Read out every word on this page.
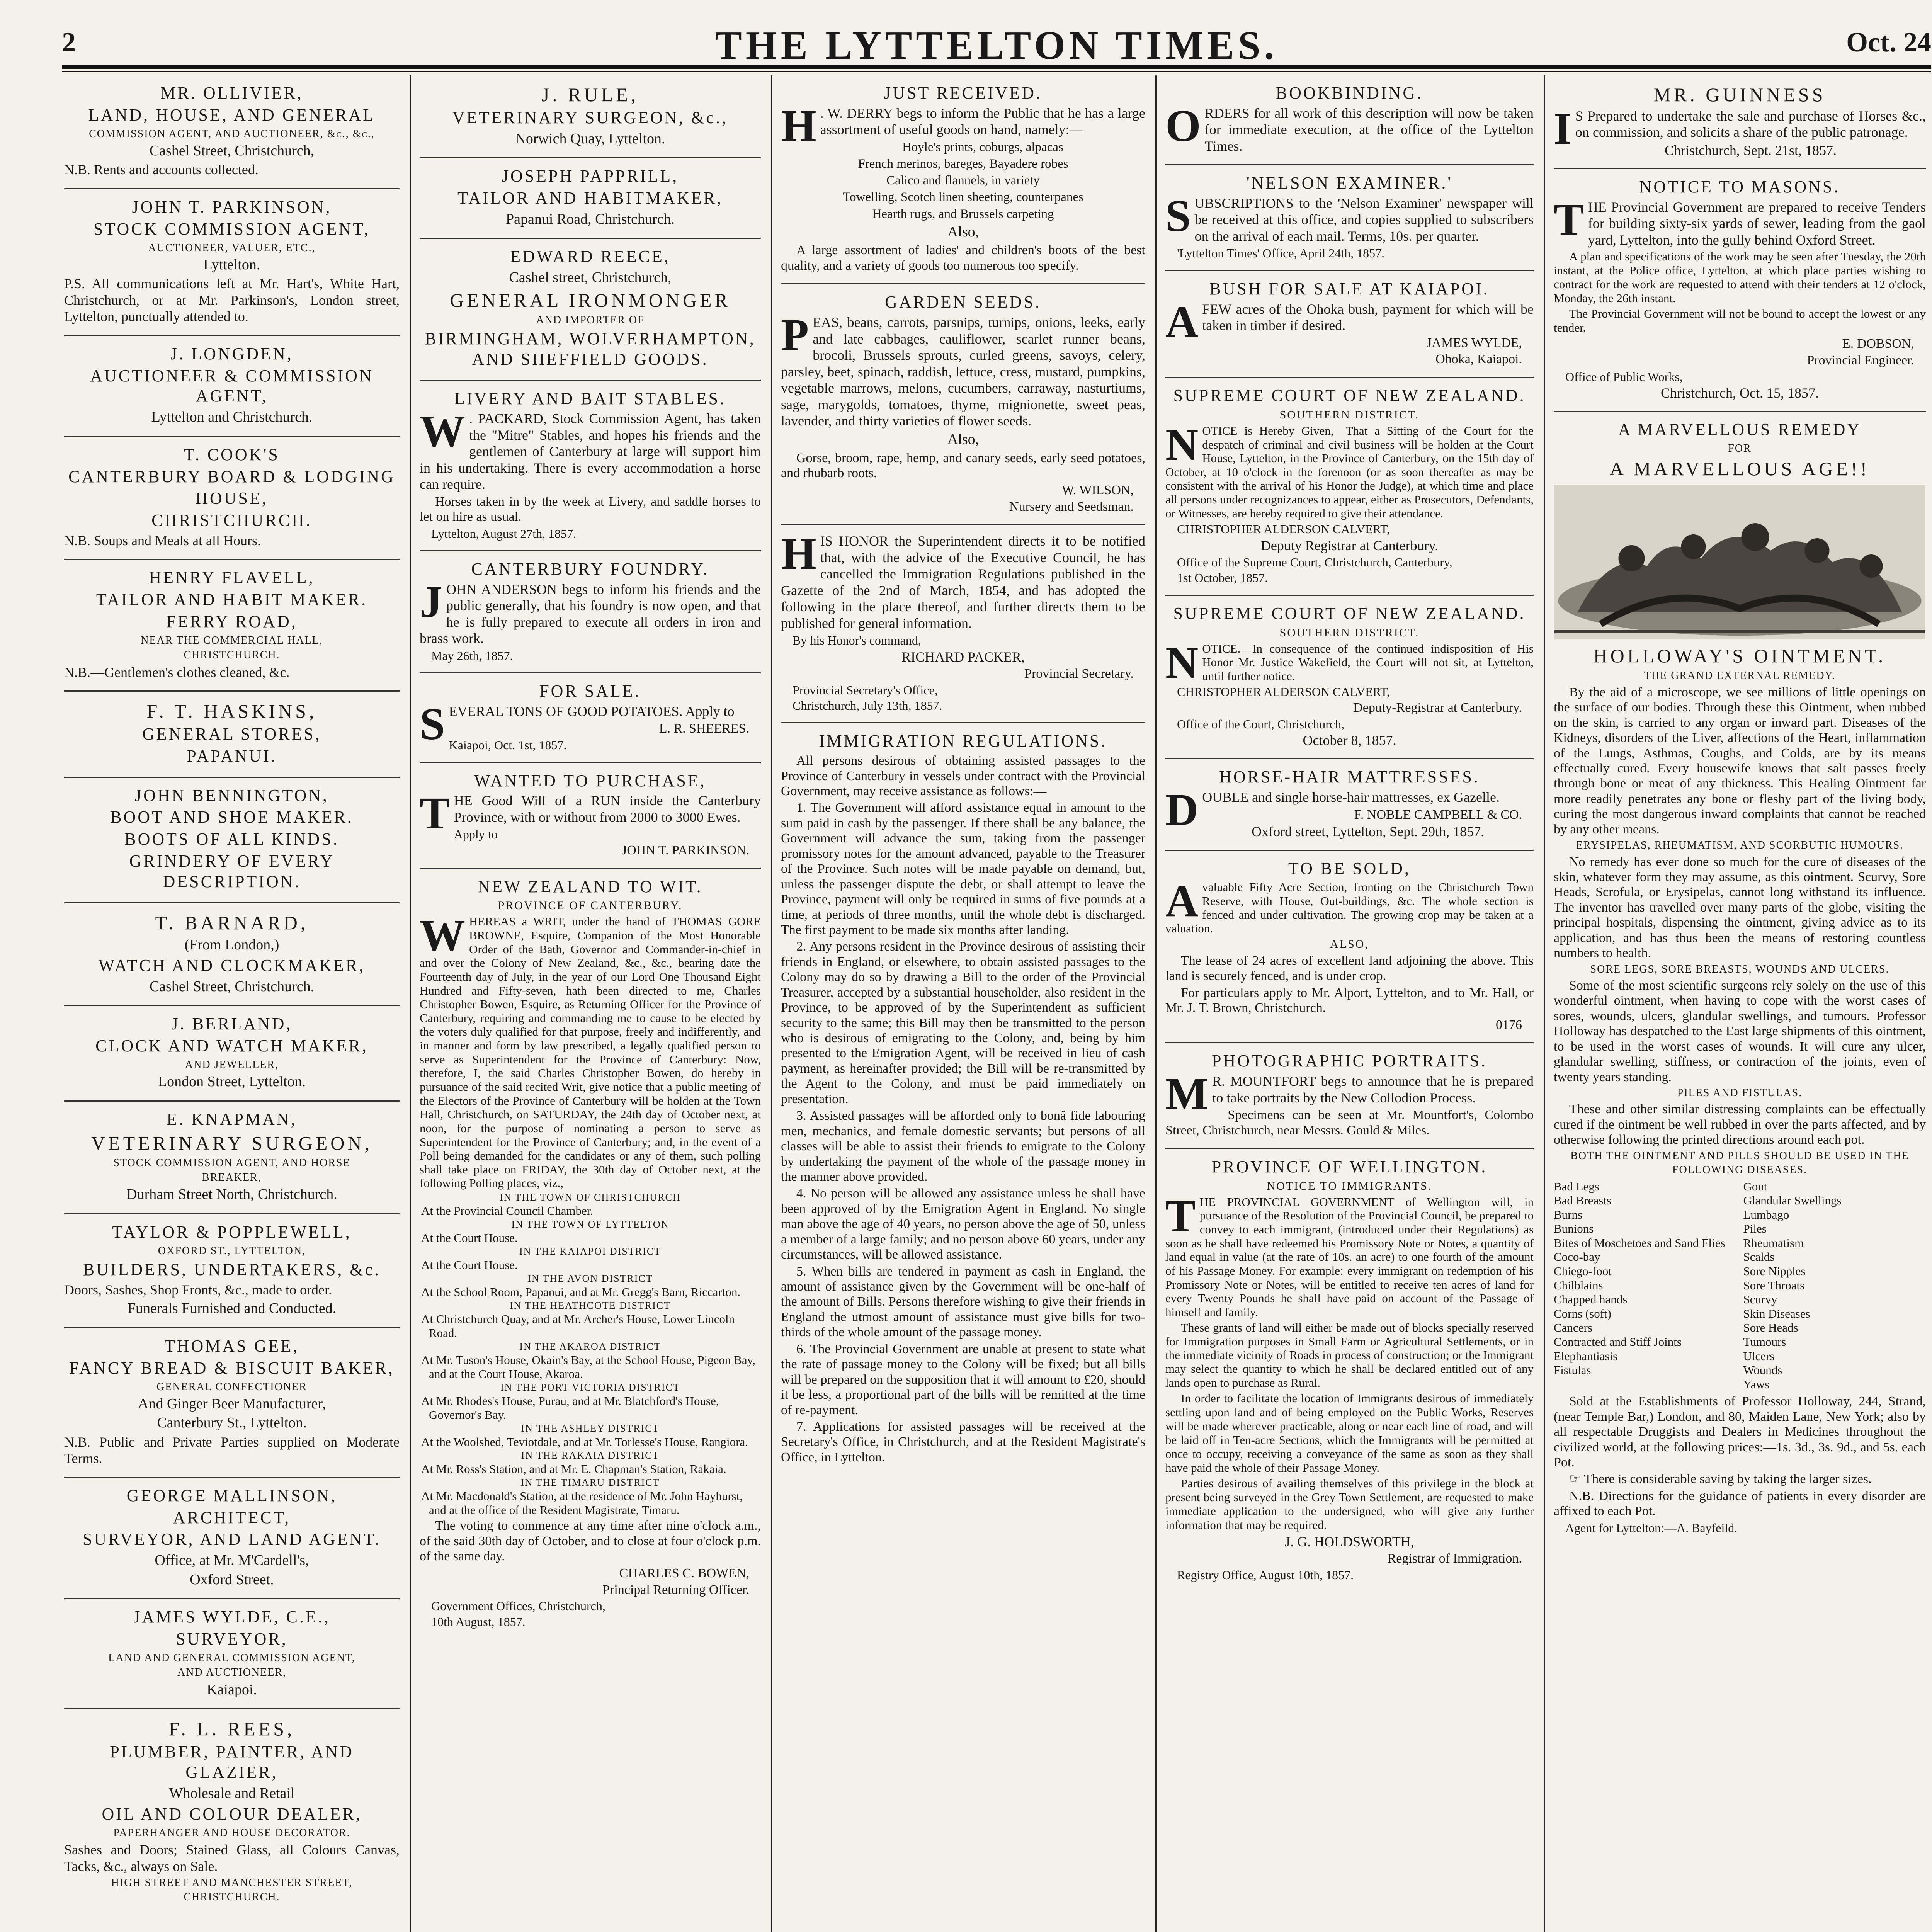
2	THE LYTTELTON TIMES.	Oct. 24
MR. OLLIVIER,
LAND, HOUSE, AND GENERAL
COMMISSION AGENT, AND AUCTIONEER, &c., &c.,
Cashel Street, Christchurch,
N.B. Rents and accounts collected.
JOHN T. PARKINSON,
STOCK COMMISSION AGENT,
AUCTIONEER, VALUER, ETC.,
Lyttelton.
P.S. All communications left at Mr. Hart's, White Hart, Christchurch, or at Mr. Parkinson's, London street, Lyttelton, punctually attended to.
J. LONGDEN,
AUCTIONEER & COMMISSION AGENT,
Lyttelton and Christchurch.
T. COOK'S
CANTERBURY BOARD & LODGING
HOUSE,
CHRISTCHURCH.
N.B. Soups and Meals at all Hours.
HENRY FLAVELL,
TAILOR AND HABIT MAKER.
FERRY ROAD,
NEAR THE COMMERCIAL HALL,
CHRISTCHURCH.
N.B.—Gentlemen's clothes cleaned, &c.
F. T. HASKINS,
GENERAL STORES,
PAPANUI.
JOHN BENNINGTON,
BOOT AND SHOE MAKER.
BOOTS OF ALL KINDS.
GRINDERY OF EVERY DESCRIPTION.
T. BARNARD,
(From London,)
WATCH AND CLOCKMAKER,
Cashel Street, Christchurch.
J. BERLAND,
CLOCK AND WATCH MAKER,
AND JEWELLER,
London Street, Lyttelton.
E. KNAPMAN,
VETERINARY SURGEON,
STOCK COMMISSION AGENT, AND HORSE
BREAKER,
Durham Street North, Christchurch.
TAYLOR & POPPLEWELL,
OXFORD ST., LYTTELTON,
BUILDERS, UNDERTAKERS, &c.
Doors, Sashes, Shop Fronts, &c., made to order.
Funerals Furnished and Conducted.
THOMAS GEE,
FANCY BREAD & BISCUIT BAKER,
GENERAL CONFECTIONER
And Ginger Beer Manufacturer,
Canterbury St., Lyttelton.
N.B. Public and Private Parties supplied on Moderate Terms.
GEORGE MALLINSON,
ARCHITECT,
SURVEYOR, AND LAND AGENT.
Office, at Mr. M'Cardell's,
Oxford Street.
JAMES WYLDE, C.E.,
SURVEYOR,
LAND AND GENERAL COMMISSION AGENT,
AND AUCTIONEER,
Kaiapoi.
F. L. REES,
PLUMBER, PAINTER, AND GLAZIER,
Wholesale and Retail
OIL AND COLOUR DEALER,
PAPERHANGER AND HOUSE DECORATOR.
Sashes and Doors; Stained Glass, all Colours Canvas, Tacks, &c., always on Sale.
HIGH STREET AND MANCHESTER STREET, CHRISTCHURCH.
J. RULE,
VETERINARY SURGEON, &c.,
Norwich Quay, Lyttelton.
JOSEPH PAPPRILL,
TAILOR AND HABITMAKER,
Papanui Road, Christchurch.
EDWARD REECE,
Cashel street, Christchurch,
GENERAL IRONMONGER
AND IMPORTER OF
BIRMINGHAM, WOLVERHAMPTON, AND SHEFFIELD GOODS.
LIVERY AND BAIT STABLES.
W . PACKARD, Stock Commission Agent, has taken the "Mitre" Stables, and hopes his friends and the gentlemen of Canterbury at large will support him in his undertaking. There is every accommodation a horse can require.
Horses taken in by the week at Livery, and saddle horses to let on hire as usual.
Lyttelton, August 27th, 1857.
CANTERBURY FOUNDRY.
JOHN ANDERSON begs to inform his friends and the public generally, that his foundry is now open, and that he is fully prepared to execute all orders in iron and brass work.
May 26th, 1857.
FOR SALE.
SEVERAL TONS OF GOOD POTATOES. Apply to
L. R. SHEERES.
Kaiapoi, Oct. 1st, 1857.
WANTED TO PURCHASE,
THE Good Will of a RUN inside the Canterbury Province, with or without from 2000 to 3000 Ewes.
Apply to
JOHN T. PARKINSON.
NEW ZEALAND TO WIT.
PROVINCE OF CANTERBURY.
WHEREAS a WRIT, under the hand of THOMAS GORE BROWNE, Esquire, Companion of the Most Honorable Order of the Bath, Governor and Commander-in-chief in and over the Colony of New Zealand, &c., &c., bearing date the Fourteenth day of July, in the year of our Lord One Thousand Eight Hundred and Fifty-seven, hath been directed to me, Charles Christopher Bowen, Esquire, as Returning Officer for the Province of Canterbury, requiring and commanding me to cause to be elected by the voters duly qualified for that purpose, freely and indifferently, and in manner and form by law prescribed, a legally qualified person to serve as Superintendent for the Province of Canterbury: Now, therefore, I, the said Charles Christopher Bowen, do hereby in pursuance of the said recited Writ, give notice that a public meeting of the Electors of the Province of Canterbury will be holden at the Town Hall, Christchurch, on SATURDAY, the 24th day of October next, at noon, for the purpose of nominating a person to serve as Superintendent for the Province of Canterbury; and, in the event of a Poll being demanded for the candidates or any of them, such polling shall take place on FRIDAY, the 30th day of October next, at the following Polling places, viz.,
IN THE TOWN OF CHRISTCHURCH
At the Provincial Council Chamber.
IN THE TOWN OF LYTTELTON
At the Court House.
IN THE KAIAPOI DISTRICT
At the Court House.
IN THE AVON DISTRICT
At the School Room, Papanui, and at Mr. Gregg's Barn, Riccarton.
IN THE HEATHCOTE DISTRICT
At Christchurch Quay, and at Mr. Archer's House, Lower Lincoln Road.
IN THE AKAROA DISTRICT
At Mr. Tuson's House, Okain's Bay, at the School House, Pigeon Bay, and at the Court House, Akaroa.
IN THE PORT VICTORIA DISTRICT
At Mr. Rhodes's House, Purau, and at Mr. Blatchford's House, Governor's Bay.
IN THE ASHLEY DISTRICT
At the Woolshed, Teviotdale, and at Mr. Torlesse's House, Rangiora.
IN THE RAKAIA DISTRICT
At Mr. Ross's Station, and at Mr. E. Chapman's Station, Rakaia.
IN THE TIMARU DISTRICT
At Mr. Macdonald's Station, at the residence of Mr. John Hayhurst, and at the office of the Resident Magistrate, Timaru.
The voting to commence at any time after nine o'clock a.m., of the said 30th day of October, and to close at four o'clock p.m. of the same day.
CHARLES C. BOWEN,
Principal Returning Officer.
Government Offices, Christchurch,
10th August, 1857.
JUST RECEIVED.
H . W. DERRY begs to inform the Public that he has a large assortment of useful goods on hand, namely:—
Hoyle's prints, coburgs, alpacas
French merinos, bareges, Bayadere robes
Calico and flannels, in variety
Towelling, Scotch linen sheeting, counterpanes
Hearth rugs, and Brussels carpeting
Also,
A large assortment of ladies' and children's boots of the best quality, and a variety of goods too numerous too specify.
GARDEN SEEDS.
PEAS, beans, carrots, parsnips, turnips, onions, leeks, early and late cabbages, cauliflower, scarlet runner beans, brocoli, Brussels sprouts, curled greens, savoys, celery, parsley, beet, spinach, raddish, lettuce, cress, mustard, pumpkins, vegetable marrows, melons, cucumbers, carraway, nasturtiums, sage, marygolds, tomatoes, thyme, mignionette, sweet peas, lavender, and thirty varieties of flower seeds.
Also,
Gorse, broom, rape, hemp, and canary seeds, early seed potatoes, and rhubarb roots.
W. WILSON,
Nursery and Seedsman.
HIS HONOR the Superintendent directs it to be notified that, with the advice of the Executive Council, he has cancelled the Immigration Regulations published in the Gazette of the 2nd of March, 1854, and has adopted the following in the place thereof, and further directs them to be published for general information.
By his Honor's command,
RICHARD PACKER,
Provincial Secretary.
Provincial Secretary's Office,
Christchurch, July 13th, 1857.
IMMIGRATION REGULATIONS.
All persons desirous of obtaining assisted passages to the Province of Canterbury in vessels under contract with the Provincial Government, may receive assistance as follows:—
1. The Government will afford assistance equal in amount to the sum paid in cash by the passenger. If there shall be any balance, the Government will advance the sum, taking from the passenger promissory notes for the amount advanced, payable to the Treasurer of the Province. Such notes will be made payable on demand, but, unless the passenger dispute the debt, or shall attempt to leave the Province, payment will only be required in sums of five pounds at a time, at periods of three months, until the whole debt is discharged. The first payment to be made six months after landing.
2. Any persons resident in the Province desirous of assisting their friends in England, or elsewhere, to obtain assisted passages to the Colony may do so by drawing a Bill to the order of the Provincial Treasurer, accepted by a substantial householder, also resident in the Province, to be approved of by the Superintendent as sufficient security to the same; this Bill may then be transmitted to the person who is desirous of emigrating to the Colony, and, being by him presented to the Emigration Agent, will be received in lieu of cash payment, as hereinafter provided; the Bill will be re-transmitted by the Agent to the Colony, and must be paid immediately on presentation.
3. Assisted passages will be afforded only to bonâ fide labouring men, mechanics, and female domestic servants; but persons of all classes will be able to assist their friends to emigrate to the Colony by undertaking the payment of the whole of the passage money in the manner above provided.
4. No person will be allowed any assistance unless he shall have been approved of by the Emigration Agent in England. No single man above the age of 40 years, no person above the age of 50, unless a member of a large family; and no person above 60 years, under any circumstances, will be allowed assistance.
5. When bills are tendered in payment as cash in England, the amount of assistance given by the Government will be one-half of the amount of Bills. Persons therefore wishing to give their friends in England the utmost amount of assistance must give bills for two-thirds of the whole amount of the passage money.
6. The Provincial Government are unable at present to state what the rate of passage money to the Colony will be fixed; but all bills will be prepared on the supposition that it will amount to £20, should it be less, a proportional part of the bills will be remitted at the time of re-payment.
7. Applications for assisted passages will be received at the Secretary's Office, in Christchurch, and at the Resident Magistrate's Office, in Lyttelton.
BOOKBINDING.
ORDERS for all work of this description will now be taken for immediate execution, at the office of the Lyttelton Times.
'NELSON EXAMINER.'
SUBSCRIPTIONS to the 'Nelson Examiner' newspaper will be received at this office, and copies supplied to subscribers on the arrival of each mail. Terms, 10s. per quarter.
'Lyttelton Times' Office, April 24th, 1857.
BUSH FOR SALE AT KAIAPOI.
A FEW acres of the Ohoka bush, payment for which will be taken in timber if desired.
JAMES WYLDE,
Ohoka, Kaiapoi.
SUPREME COURT OF NEW ZEALAND.
SOUTHERN DISTRICT.
NOTICE is Hereby Given,—That a Sitting of the Court for the despatch of criminal and civil business will be holden at the Court House, Lyttelton, in the Province of Canterbury, on the 15th day of October, at 10 o'clock in the forenoon (or as soon thereafter as may be consistent with the arrival of his Honor the Judge), at which time and place all persons under recognizances to appear, either as Prosecutors, Defendants, or Witnesses, are hereby required to give their attendance.
CHRISTOPHER ALDERSON CALVERT,
Deputy Registrar at Canterbury.
Office of the Supreme Court, Christchurch, Canterbury,
1st October, 1857.
SUPREME COURT OF NEW ZEALAND.
SOUTHERN DISTRICT.
NOTICE.—In consequence of the continued indisposition of His Honor Mr. Justice Wakefield, the Court will not sit, at Lyttelton, until further notice.
CHRISTOPHER ALDERSON CALVERT,
Deputy-Registrar at Canterbury.
Office of the Court, Christchurch,
October 8, 1857.
HORSE-HAIR MATTRESSES.
DOUBLE and single horse-hair mattresses, ex Gazelle.
F. NOBLE CAMPBELL & CO.
Oxford street, Lyttelton, Sept. 29th, 1857.
TO BE SOLD,
A valuable Fifty Acre Section, fronting on the Christchurch Town Reserve, with House, Out-buildings, &c. The whole section is fenced and under cultivation. The growing crop may be taken at a valuation.
ALSO,
The lease of 24 acres of excellent land adjoining the above. This land is securely fenced, and is under crop.
For particulars apply to Mr. Alport, Lyttelton, and to Mr. Hall, or Mr. J. T. Brown, Christchurch.
0176
PHOTOGRAPHIC PORTRAITS.
M R. MOUNTFORT begs to announce that he is prepared to take portraits by the New Collodion Process.
Specimens can be seen at Mr. Mountfort's, Colombo Street, Christchurch, near Messrs. Gould & Miles.
PROVINCE OF WELLINGTON.
NOTICE TO IMMIGRANTS.
THE PROVINCIAL GOVERNMENT of Wellington will, in pursuance of the Resolution of the Provincial Council, be prepared to convey to each immigrant, (introduced under their Regulations) as soon as he shall have redeemed his Promissory Note or Notes, a quantity of land equal in value (at the rate of 10s. an acre) to one fourth of the amount of his Passage Money. For example: every immigrant on redemption of his Promissory Note or Notes, will be entitled to receive ten acres of land for every Twenty Pounds he shall have paid on account of the Passage of himself and family.
These grants of land will either be made out of blocks specially reserved for Immigration purposes in Small Farm or Agricultural Settlements, or in the immediate vicinity of Roads in process of construction; or the Immigrant may select the quantity to which he shall be declared entitled out of any lands open to purchase as Rural.
In order to facilitate the location of Immigrants desirous of immediately settling upon land and of being employed on the Public Works, Reserves will be made wherever practicable, along or near each line of road, and will be laid off in Ten-acre Sections, which the Immigrants will be permitted at once to occupy, receiving a conveyance of the same as soon as they shall have paid the whole of their Passage Money.
Parties desirous of availing themselves of this privilege in the block at present being surveyed in the Grey Town Settlement, are requested to make immediate application to the undersigned, who will give any further information that may be required.
J. G. HOLDSWORTH,
Registrar of Immigration.
Registry Office, August 10th, 1857.
MR. GUINNESS
I S Prepared to undertake the sale and purchase of Horses &c., on commission, and solicits a share of the public patronage.
Christchurch, Sept. 21st, 1857.
NOTICE TO MASONS.
THE Provincial Government are prepared to receive Tenders for building sixty-six yards of sewer, leading from the gaol yard, Lyttelton, into the gully behind Oxford Street.
A plan and specifications of the work may be seen after Tuesday, the 20th instant, at the Police office, Lyttelton, at which place parties wishing to contract for the work are requested to attend with their tenders at 12 o'clock, Monday, the 26th instant.
The Provincial Government will not be bound to accept the lowest or any tender.
E. DOBSON,
Provincial Engineer.
Office of Public Works,
Christchurch, Oct. 15, 1857.
A MARVELLOUS REMEDY
FOR
A MARVELLOUS AGE!!
HOLLOWAY'S OINTMENT.
THE GRAND EXTERNAL REMEDY.
By the aid of a microscope, we see millions of little openings on the surface of our bodies. Through these this Ointment, when rubbed on the skin, is carried to any organ or inward part. Diseases of the Kidneys, disorders of the Liver, affections of the Heart, inflammation of the Lungs, Asthmas, Coughs, and Colds, are by its means effectually cured. Every housewife knows that salt passes freely through bone or meat of any thickness. This Healing Ointment far more readily penetrates any bone or fleshy part of the living body, curing the most dangerous inward complaints that cannot be reached by any other means.
ERYSIPELAS, RHEUMATISM, AND SCORBUTIC HUMOURS.
No remedy has ever done so much for the cure of diseases of the skin, whatever form they may assume, as this ointment. Scurvy, Sore Heads, Scrofula, or Erysipelas, cannot long withstand its influence. The inventor has travelled over many parts of the globe, visiting the principal hospitals, dispensing the ointment, giving advice as to its application, and has thus been the means of restoring countless numbers to health.
SORE LEGS, SORE BREASTS, WOUNDS AND ULCERS.
Some of the most scientific surgeons rely solely on the use of this wonderful ointment, when having to cope with the worst cases of sores, wounds, ulcers, glandular swellings, and tumours. Professor Holloway has despatched to the East large shipments of this ointment, to be used in the worst cases of wounds. It will cure any ulcer, glandular swelling, stiffness, or contraction of the joints, even of twenty years standing.
PILES AND FISTULAS.
These and other similar distressing complaints can be effectually cured if the ointment be well rubbed in over the parts affected, and by otherwise following the printed directions around each pot.
BOTH THE OINTMENT AND PILLS SHOULD BE USED IN THE FOLLOWING DISEASES.
Bad Legs
Bad Breasts
Burns
Bunions
Bites of Moschetoes and Sand Flies
Coco-bay
Chiego-foot
Chilblains
Chapped hands
Corns (soft)
Cancers
Contracted and Stiff Joints
Elephantiasis
Fistulas
Gout
Glandular Swellings
Lumbago
Piles
Rheumatism
Scalds
Sore Nipples
Sore Throats
Scurvy
Skin Diseases
Sore Heads
Tumours
Ulcers
Wounds
Yaws
Sold at the Establishments of Professor Holloway, 244, Strand, (near Temple Bar,) London, and 80, Maiden Lane, New York; also by all respectable Druggists and Dealers in Medicines throughout the civilized world, at the following prices:—1s. 3d., 3s. 9d., and 5s. each Pot.
☞ There is considerable saving by taking the larger sizes.
N.B. Directions for the guidance of patients in every disorder are affixed to each Pot.
Agent for Lyttelton:—A. Bayfeild.
